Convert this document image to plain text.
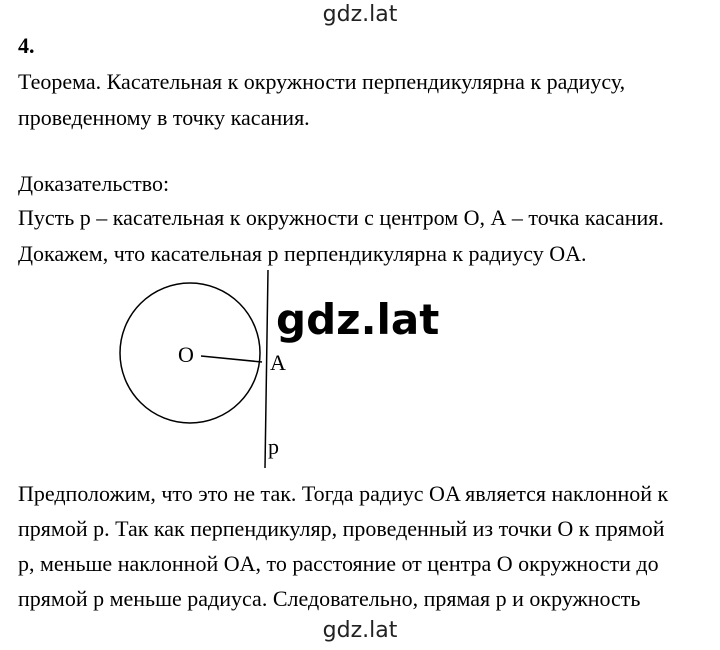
gdz.lat
4.
Теорема. Касательная к окружности перпендикулярна к радиусу,
проведенному в точку касания.
Доказательство:
Пусть p – касательная к окружности с центром О, А – точка касания.
Докажем, что касательная p перпендикулярна к радиусу OA.
O	A
p
gdz.lat
Предположим, что это не так. Тогда радиус OA является наклонной к
прямой p. Так как перпендикуляр, проведенный из точки O к прямой
p, меньше наклонной OA, то расстояние от центра O окружности до
прямой p меньше радиуса. Следовательно, прямая p и окружность
gdz.lat
